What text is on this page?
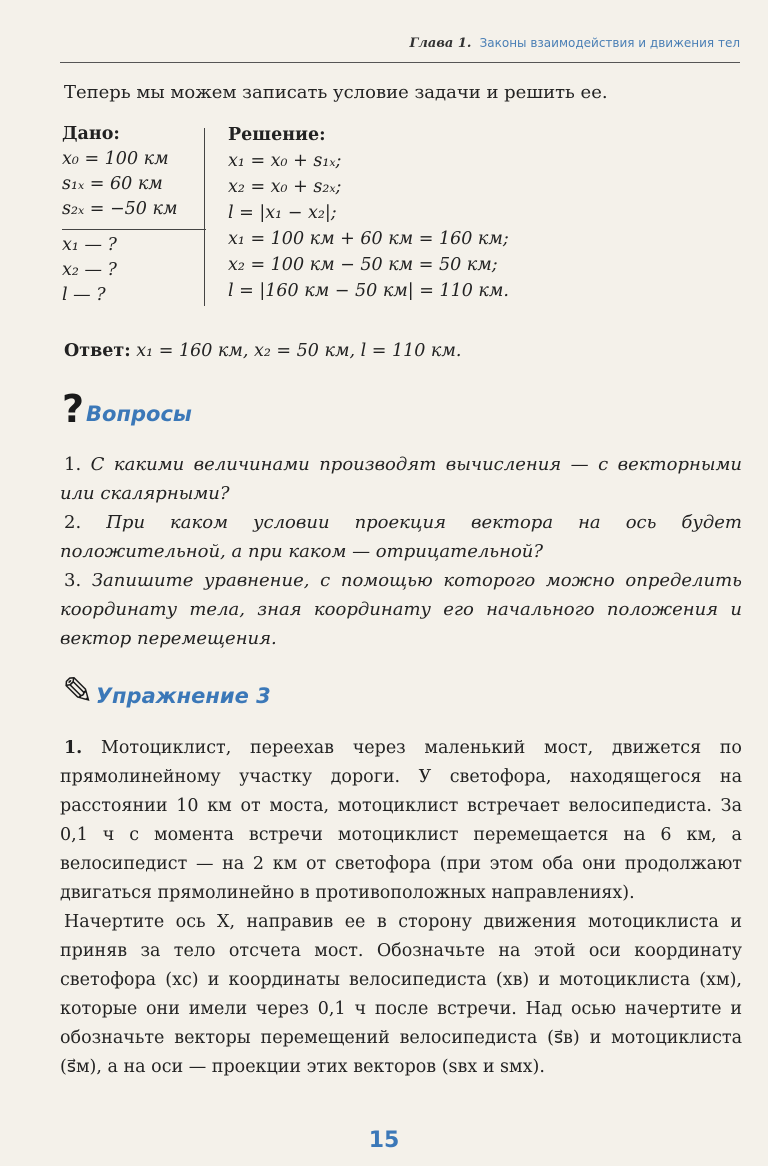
Глава 1. Законы взаимодействия и движения тел
Теперь мы можем записать условие задачи и решить ее.
Дано:
x₀ = 100 км
s₁ₓ = 60 км
s₂ₓ = −50 км
x₁ — ?
x₂ — ?
l — ?
Решение:
x₁ = x₀ + s₁ₓ;
x₂ = x₀ + s₂ₓ;
l = |x₁ − x₂|;
x₁ = 100 км + 60 км = 160 км;
x₂ = 100 км − 50 км = 50 км;
l = |160 км − 50 км| = 110 км.
Ответ: x₁ = 160 км, x₂ = 50 км, l = 110 км.
? Вопросы

1. С какими величинами производят вычисления — с векторными или скалярными?

2. При каком условии проекция вектора на ось будет положительной, а при каком — отрицательной?

3. Запишите уравнение, с помощью которого можно определить координату тела, зная координату его начального положения и вектор перемещения.

✎ Упражнение 3

1. Мотоциклист, переехав через маленький мост, движется по прямолинейному участку дороги. У светофора, находящегося на расстоянии 10 км от моста, мотоциклист встречает велосипедиста. За 0,1 ч с момента встречи мотоциклист перемещается на 6 км, а велосипедист — на 2 км от светофора (при этом оба они продолжают двигаться прямолинейно в противоположных направлениях).

Начертите ось X, направив ее в сторону движения мотоциклиста и приняв за тело отсчета мост. Обозначьте на этой оси координату светофора (xс) и координаты велосипедиста (xв) и мотоциклиста (xм), которые они имели через 0,1 ч после встречи. Над осью начертите и обозначьте векторы перемещений велосипедиста (s⃗в) и мотоциклиста (s⃗м), а на оси — проекции этих векторов (sвx и sмx).

15
